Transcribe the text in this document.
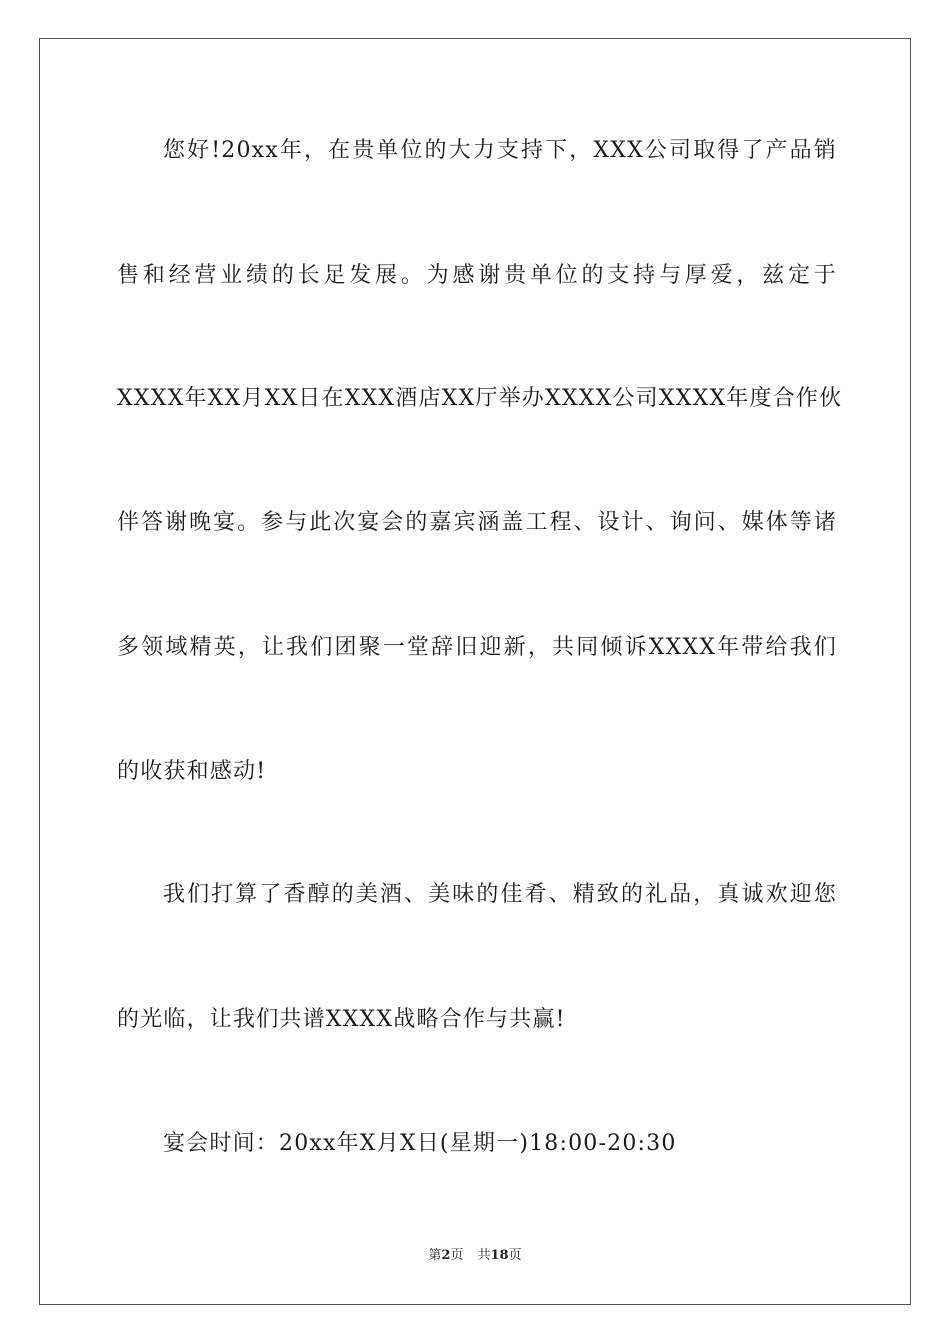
您好!20xx年，在贵单位的大力支持下，XXX公司取得了产品销
售和经营业绩的长足发展。为感谢贵单位的支持与厚爱，兹定于
XXXX年XX月XX日在XXX酒店XX厅举办XXXX公司XXXX年度合作伙
伴答谢晚宴。参与此次宴会的嘉宾涵盖工程、设计、询问、媒体等诸
多领域精英，让我们团聚一堂辞旧迎新，共同倾诉XXXX年带给我们
的收获和感动!
我们打算了香醇的美酒、美味的佳肴、精致的礼品，真诚欢迎您
的光临，让我们共谱XXXX战略合作与共赢!
宴会时间：20xx年X月X日(星期一)18:00-20:30
第2页 共18页
